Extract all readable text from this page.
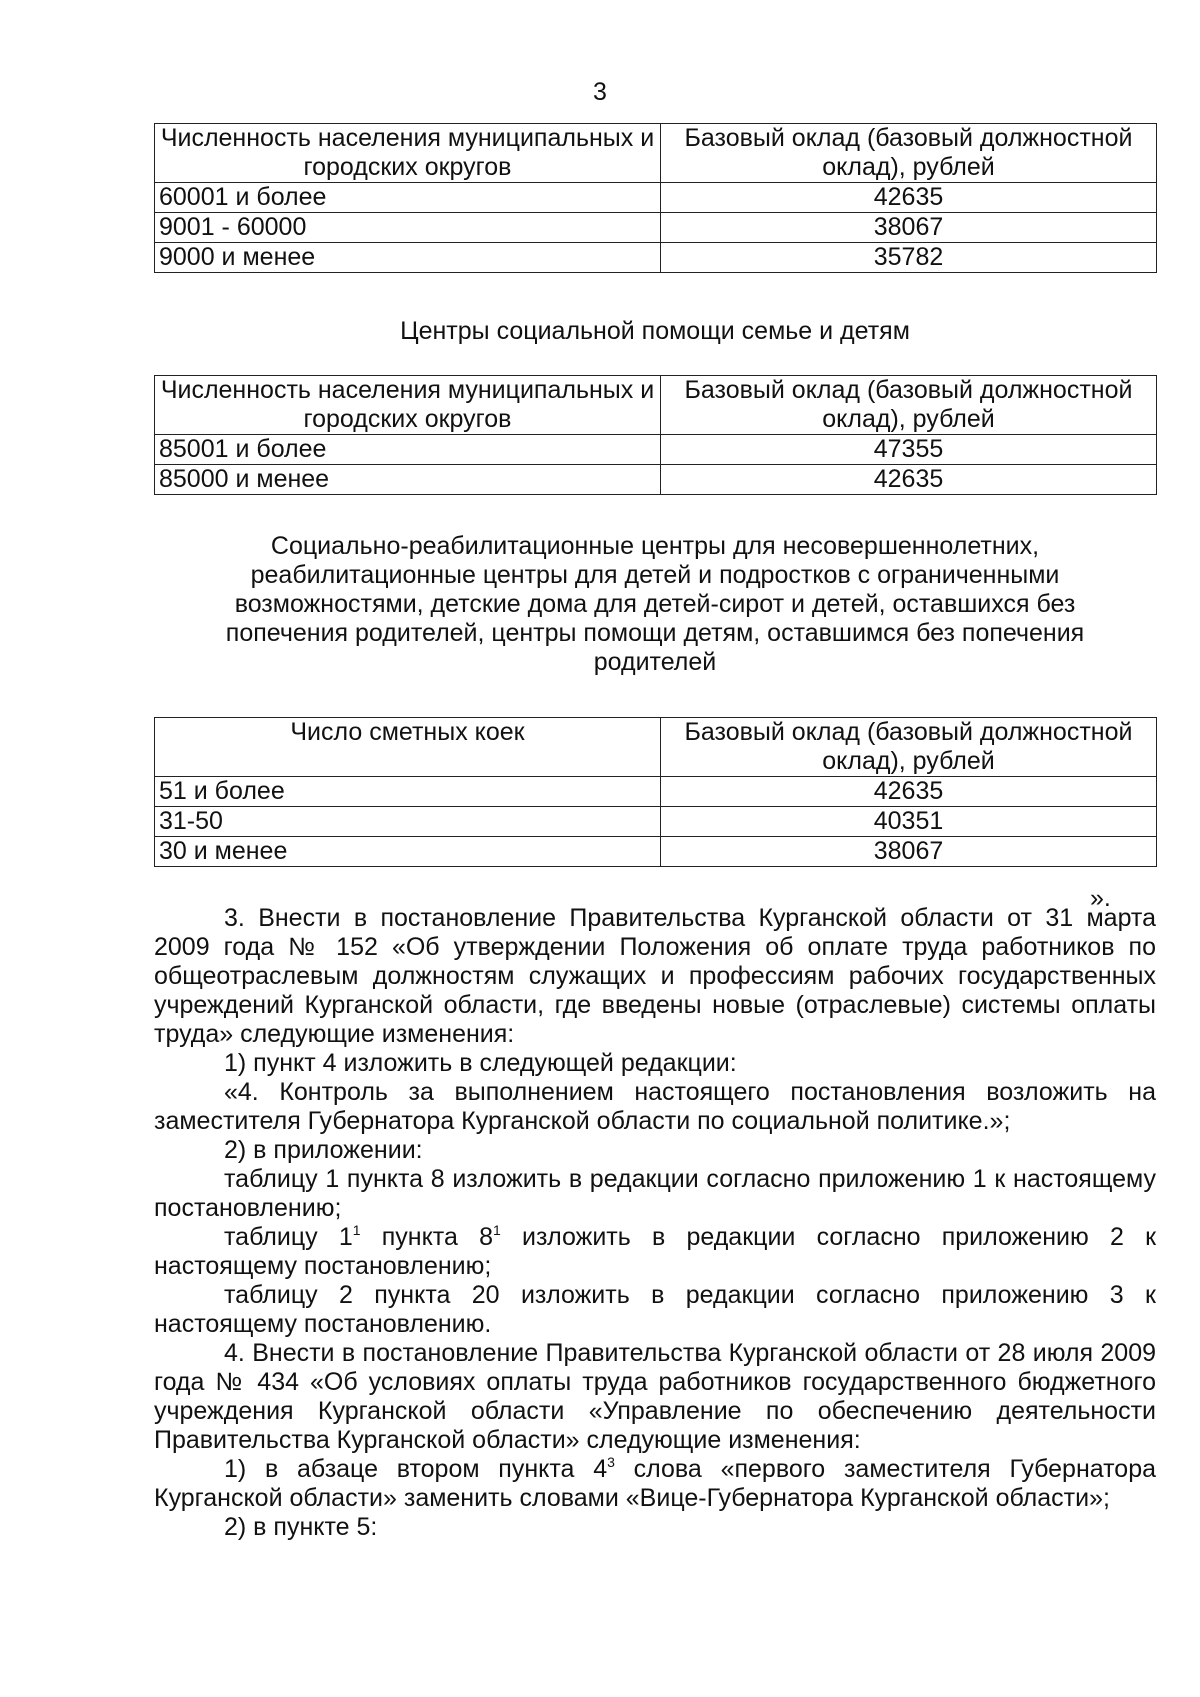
3
Численность населения муниципальных и городских округов	Базовый оклад (базовый должностной оклад), рублей
60001 и более	42635
9001 - 60000	38067
9000 и менее	35782
Центры социальной помощи семье и детям
Численность населения муниципальных и городских округов	Базовый оклад (базовый должностной оклад), рублей
85001 и более	47355
85000 и менее	42635
Социально-реабилитационные центры для несовершеннолетних, реабилитационные центры для детей и подростков с ограниченными возможностями, детские дома для детей-сирот и детей, оставшихся без попечения родителей, центры помощи детям, оставшимся без попечения родителей
Число сметных коек	Базовый оклад (базовый должностной оклад), рублей
51 и более	42635
31-50	40351
30 и менее	38067
».

3. Внести в постановление Правительства Курганской области от 31 марта 2009 года № 152 «Об утверждении Положения об оплате труда работников по общеотраслевым должностям служащих и профессиям рабочих государственных учреждений Курганской области, где введены новые (отраслевые) системы оплаты труда» следующие изменения:

1) пункт 4 изложить в следующей редакции:

«4. Контроль за выполнением настоящего постановления возложить на заместителя Губернатора Курганской области по социальной политике.»;

2) в приложении:

таблицу 1 пункта 8 изложить в редакции согласно приложению 1 к настоящему постановлению;

таблицу $1^1$ пункта $8^1$ изложить в редакции согласно приложению 2 к настоящему постановлению;

таблицу 2 пункта 20 изложить в редакции согласно приложению 3 к настоящему постановлению.

4. Внести в постановление Правительства Курганской области от 28 июля 2009 года № 434 «Об условиях оплаты труда работников государственного бюджетного учреждения Курганской области «Управление по обеспечению деятельности Правительства Курганской области» следующие изменения:

1) в абзаце втором пункта $4^3$ слова «первого заместителя Губернатора Курганской области» заменить словами «Вице-Губернатора Курганской области»;

2) в пункте 5:
